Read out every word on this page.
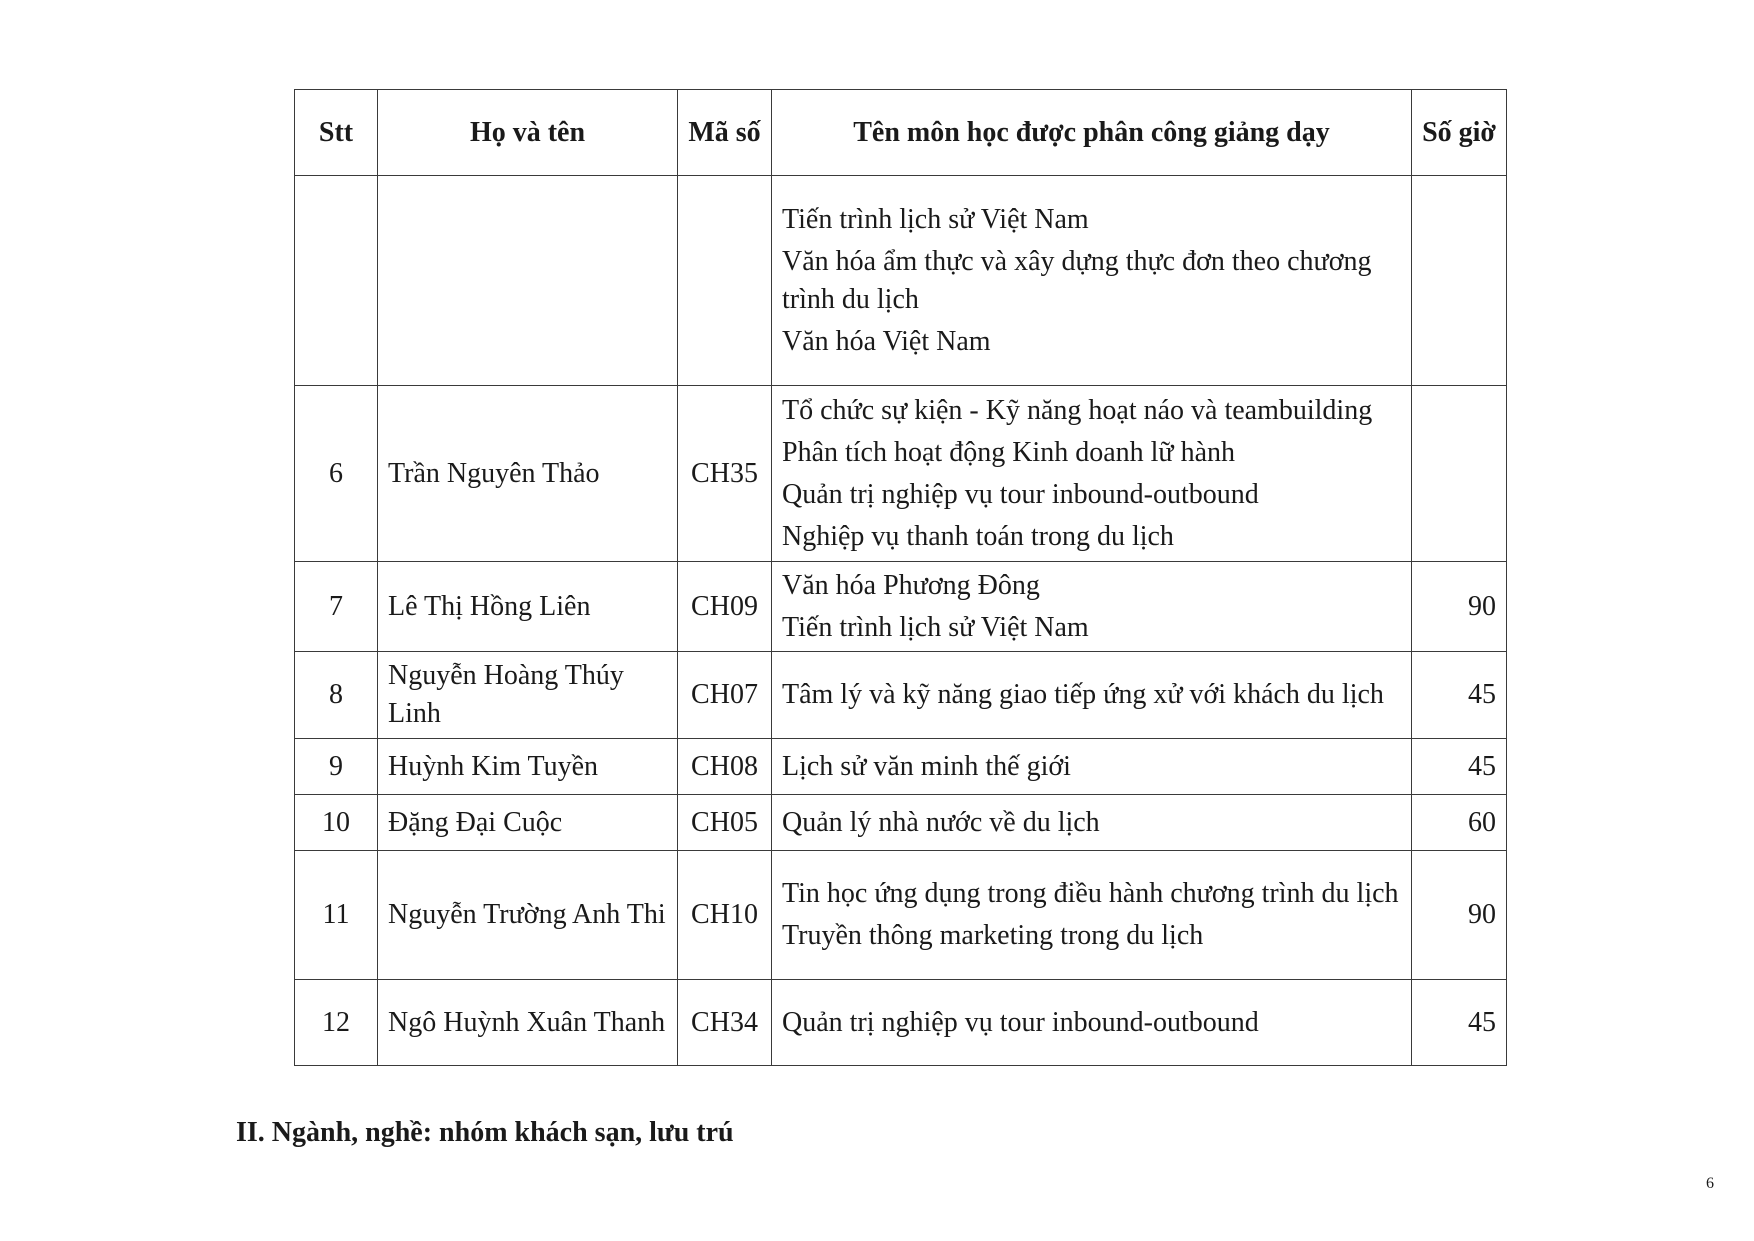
Stt	Họ và tên	Mã số	Tên môn học được phân công giảng dạy	Số giờ

			Tiến trình lịch sử Việt Nam
Văn hóa ẩm thực và xây dựng thực đơn theo chương trình du lịch
Văn hóa Việt Nam	

6	Trần Nguyên Thảo	CH35	Tổ chức sự kiện - Kỹ năng hoạt náo và teambuilding
Phân tích hoạt động Kinh doanh lữ hành
Quản trị nghiệp vụ tour inbound-outbound
Nghiệp vụ thanh toán trong du lịch	

7	Lê Thị Hồng Liên	CH09	Văn hóa Phương Đông
Tiến trình lịch sử Việt Nam	90
8	Nguyễn Hoàng Thúy Linh	CH07	Tâm lý và kỹ năng giao tiếp ứng xử với khách du lịch	45
9	Huỳnh Kim Tuyền	CH08	Lịch sử văn minh thế giới	45
10	Đặng Đại Cuộc	CH05	Quản lý nhà nước về du lịch	60
11	Nguyễn Trường Anh Thi	CH10	Tin học ứng dụng trong điều hành chương trình du lịch
Truyền thông marketing trong du lịch	90
12	Ngô Huỳnh Xuân Thanh	CH34	Quản trị nghiệp vụ tour inbound-outbound	45
II. Ngành, nghề: nhóm khách sạn, lưu trú
6
